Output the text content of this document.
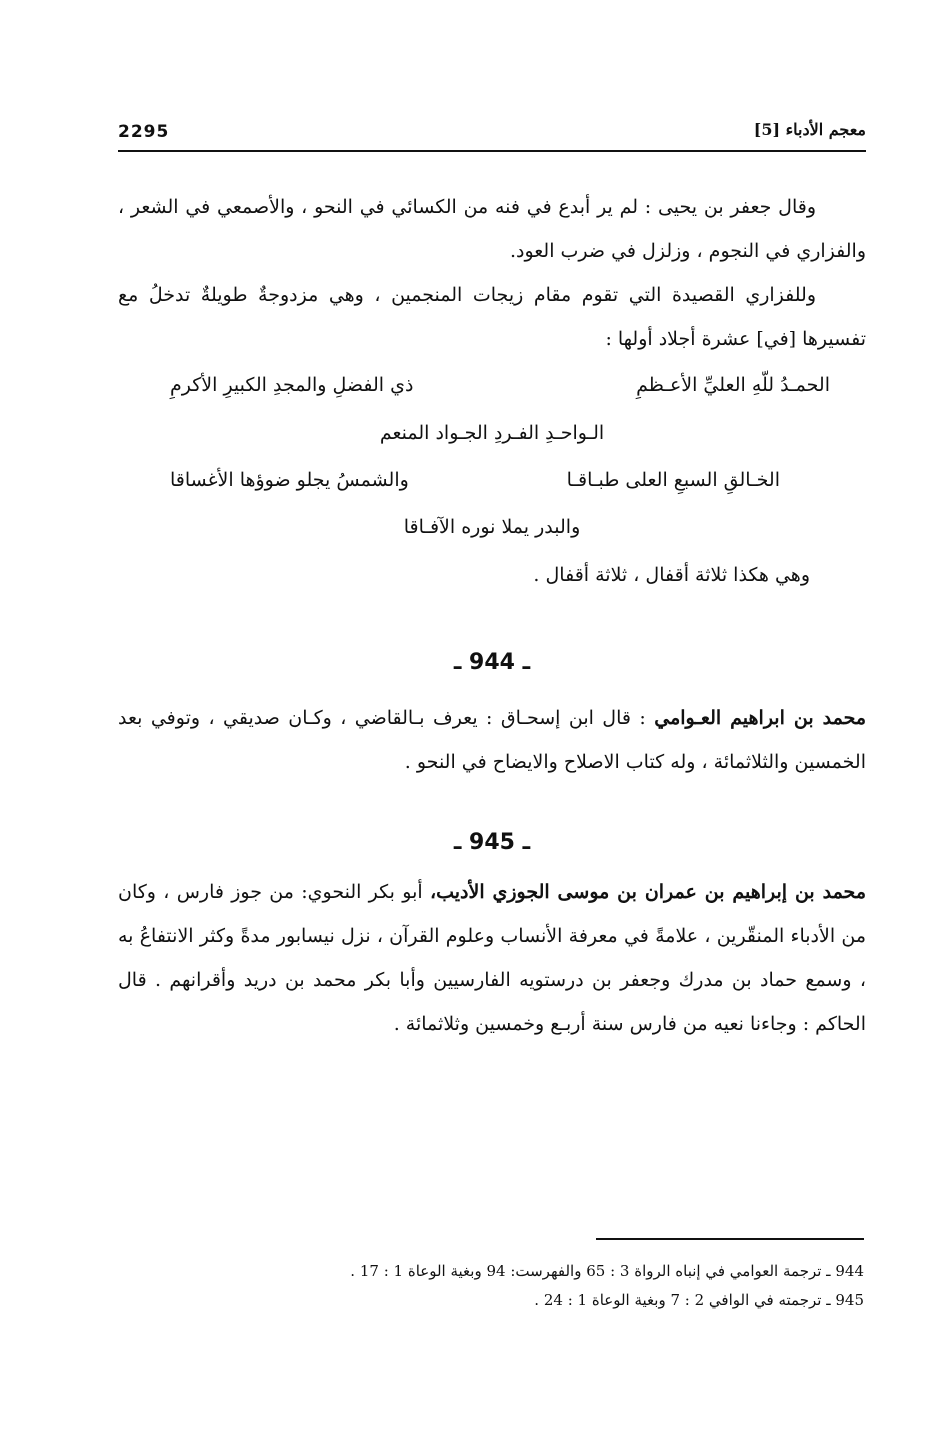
2295	معجم الأدباء [5]

وقال جعفر بن يحيى : لم ير أبدع في فنه من الكسائي في النحو ، والأصمعي في الشعر ، والفزاري في النجوم ، وزلزل في ضرب العود.

وللفزاري القصيدة التي تقوم مقام زيجات المنجمين ، وهي مزدوجةٌ طويلةٌ تدخلُ مع تفسيرها [في] عشرة أجلاد أولها :

الحمـدُ للّهِ العليِّ الأعـظمِ
ذي الفضلِ والمجدِ الكبيرِ الأكرمِ
الـواحـدِ الفـردِ الجـواد المنعم
الخـالقِ السبعِ العلى طبـاقـا
والشمسُ يجلو ضوؤها الأغساقا
والبدر يملا نوره الآفـاقا
وهي هكذا ثلاثة أقفال ، ثلاثة أقفال .
ـ 944 ـ

محمد بن ابراهيم العـوامي : قال ابن إسحـاق : يعرف بـالقاضي ، وكـان صديقي ، وتوفي بعد الخمسين والثلاثمائة ، وله كتاب الاصلاح والايضاح في النحو .

ـ 945 ـ

محمد بن إبراهيم بن عمران بن موسى الجوزي الأديب، أبو بكر النحوي: من جوز فارس ، وكان من الأدباء المنقّرين ، علامةً في معرفة الأنساب وعلوم القرآن ، نزل نيسابور مدةً وكثر الانتفاعُ به ، وسمع حماد بن مدرك وجعفر بن درستويه الفارسيين وأبا بكر محمد بن دريد وأقرانهم . قال الحاكم : وجاءنا نعيه من فارس سنة أربـع وخمسين وثلاثمائة .

944 ـ ترجمة العوامي في إنباه الرواة 3 : 65 والفهرست: 94 وبغية الوعاة 1 : 17 .
945 ـ ترجمته في الوافي 2 : 7 وبغية الوعاة 1 : 24 .
